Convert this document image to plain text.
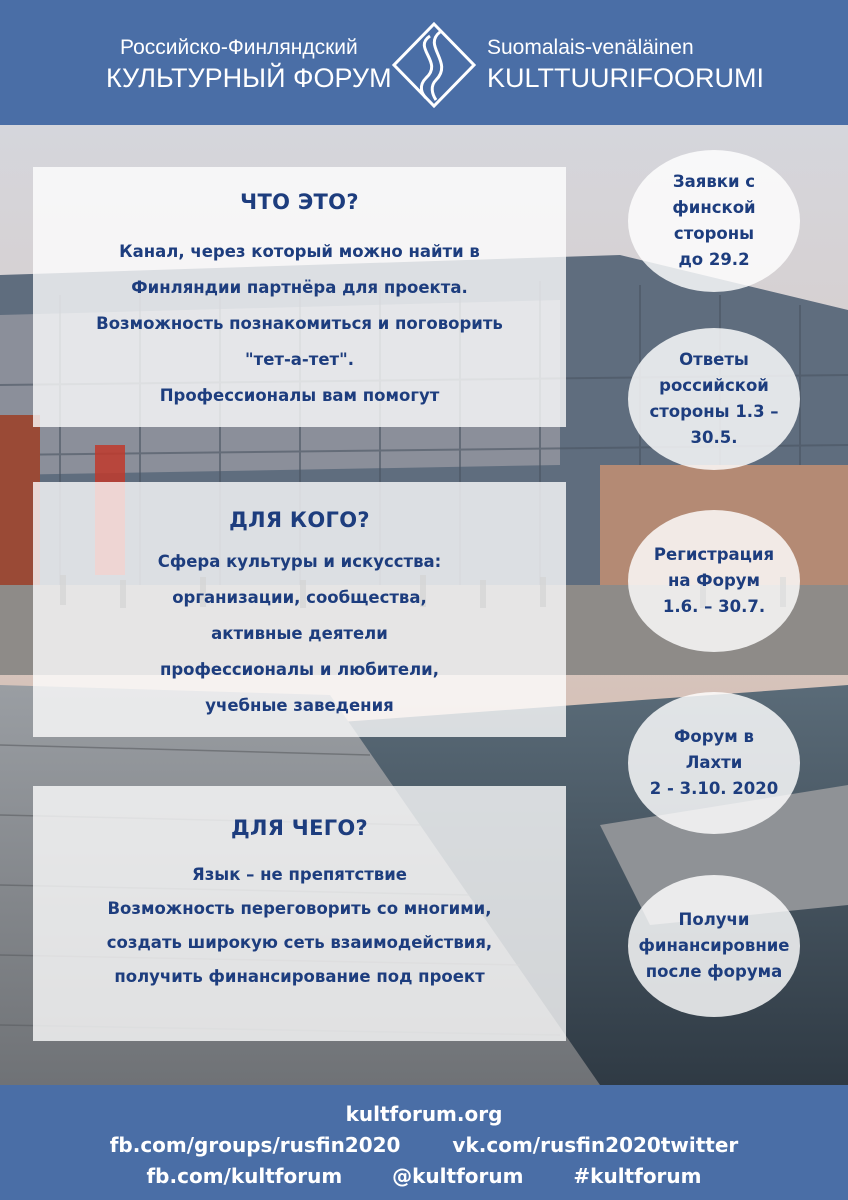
Российско-Финляндский
КУЛЬТУРНЫЙ ФОРУМ
Suomalais-venäläinen
KULTTUURIFOORUMI
ЧТО ЭТО?
Канал, через который можно найти в
Финляндии партнёра для проекта.
Возможность познакомиться и поговорить
"тет-а-тет".
Профессионалы вам помогут
ДЛЯ КОГО?
Сфера культуры и искусства:
организации, сообщества,
активные деятели
профессионалы и любители,
учебные заведения
ДЛЯ ЧЕГО?
Язык – не препятствие
Возможность переговорить со многими,
создать широкую сеть взаимодействия,
получить финансирование под проект
Заявки с
финской
стороны
до 29.2
Ответы
российской
стороны 1.3 –
30.5.
Регистрация
на Форум
1.6. – 30.7.
Форум в
Лахти
2 - 3.10. 2020
Получи
финансировние
после форума
kultforum.org
fb.com/groups/rusfin2020	vk.com/rusfin2020twitter
fb.com/kultforum @kultforum #kultforum
